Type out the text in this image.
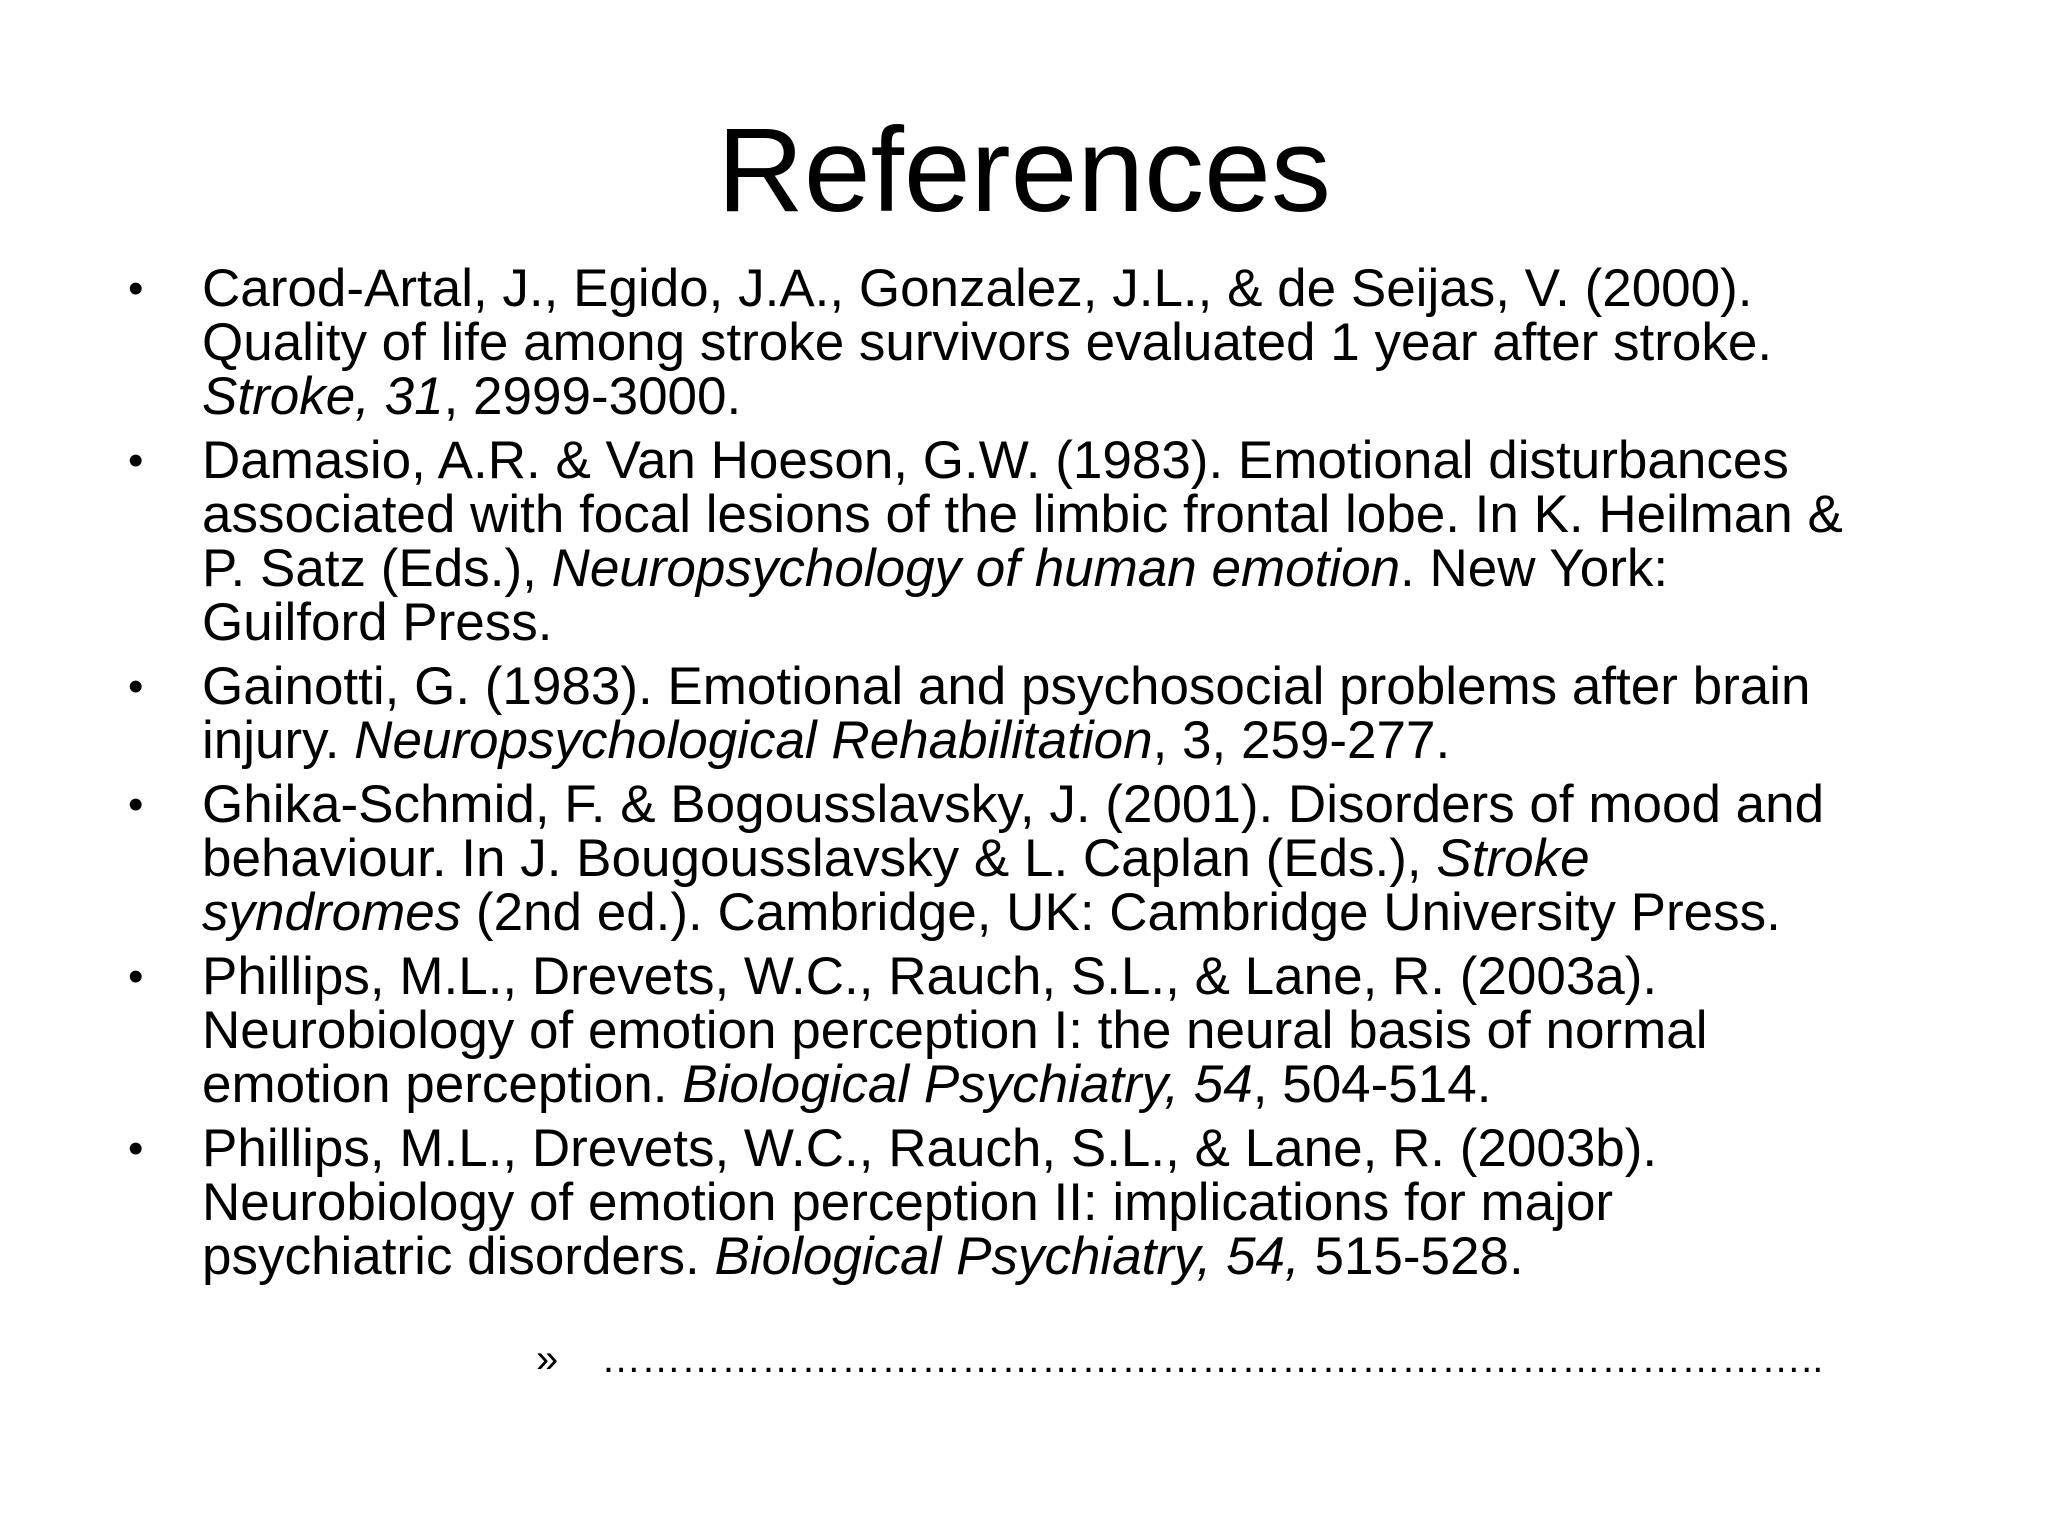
References
•	Carod-Artal, J., Egido, J.A., Gonzalez, J.L., & de Seijas, V. (2000).
Quality of life among stroke survivors evaluated 1 year after stroke.
Stroke, 31, 2999-3000.
•	Damasio, A.R. & Van Hoeson, G.W. (1983). Emotional disturbances
associated with focal lesions of the limbic frontal lobe. In K. Heilman &
P. Satz (Eds.), Neuropsychology of human emotion. New York:
Guilford Press.
•	Gainotti, G. (1983). Emotional and psychosocial problems after brain
injury. Neuropsychological Rehabilitation, 3, 259-277.
•	Ghika-Schmid, F. & Bogousslavsky, J. (2001). Disorders of mood and
behaviour. In J. Bougousslavsky & L. Caplan (Eds.), Stroke
syndromes (2nd ed.). Cambridge, UK: Cambridge University Press.
•	Phillips, M.L., Drevets, W.C., Rauch, S.L., & Lane, R. (2003a).
Neurobiology of emotion perception I: the neural basis of normal
emotion perception. Biological Psychiatry, 54, 504-514.
•	Phillips, M.L., Drevets, W.C., Rauch, S.L., & Lane, R. (2003b).
Neurobiology of emotion perception II: implications for major
psychiatric disorders. Biological Psychiatry, 54, 515-528.
» ………………………………………………………………………………..
